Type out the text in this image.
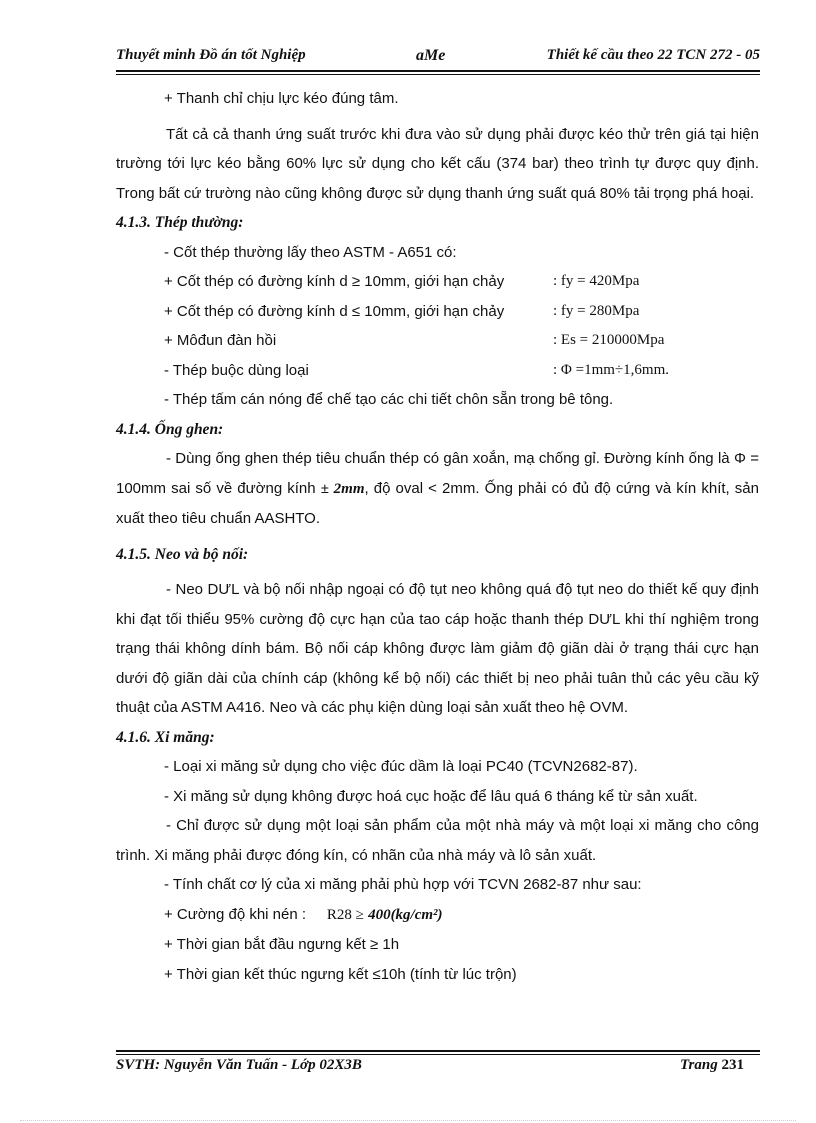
Thuyết minh Đồ án tốt Nghiệp	aMe	Thiết kế cầu theo 22 TCN 272 - 05

+ Thanh chỉ chịu lực kéo đúng tâm.

Tất cả cả thanh ứng suất trước khi đưa vào sử dụng phải được kéo thử trên giá tại hiện trường tới lực kéo bằng 60% lực sử dụng cho kết cấu (374 bar) theo trình tự được quy định. Trong bất cứ trường nào cũng không được sử dụng thanh ứng suất quá 80% tải trọng phá hoại.

4.1.3. Thép thường:

- Cốt thép thường lấy theo ASTM - A651 có:

+ Cốt thép có đường kính d ≥ 10mm, giới hạn chảy	: fy = 420Mpa
+ Cốt thép có đường kính d ≤ 10mm, giới hạn chảy	: fy = 280Mpa
+ Môđun đàn hồi	: Es = 210000Mpa
- Thép buộc dùng loại	: Φ =1mm÷1,6mm.

- Thép tấm cán nóng để chế tạo các chi tiết chôn sẵn trong bê tông.

4.1.4. Ống ghen:

- Dùng ống ghen thép tiêu chuẩn thép có gân xoắn, mạ chống gỉ. Đường kính ống là Φ = 100mm sai số về đường kính ± 2mm, độ oval < 2mm. Ống phải có đủ độ cứng và kín khít, sản xuất theo tiêu chuẩn AASHTO.

4.1.5. Neo và bộ nối:

- Neo DƯL và bộ nối nhập ngoại có độ tụt neo không quá độ tụt neo do thiết kế quy định khi đạt tối thiểu 95% cường độ cực hạn của tao cáp hoặc thanh thép DƯL khi thí nghiệm trong trạng thái không dính bám. Bộ nối cáp không được làm giảm độ giãn dài ở trạng thái cực hạn dưới độ giãn dài của chính cáp (không kể bộ nối) các thiết bị neo phải tuân thủ các yêu cầu kỹ thuật của ASTM A416. Neo và các phụ kiện dùng loại sản xuất theo hệ OVM.

4.1.6. Xi măng:

- Loại xi măng sử dụng cho việc đúc dầm là loại PC40 (TCVN2682-87).

- Xi măng sử dụng không được hoá cục hoặc để lâu quá 6 tháng kể từ sản xuất.

- Chỉ được sử dụng một loại sản phẩm của một nhà máy và một loại xi măng cho công trình. Xi măng phải được đóng kín, có nhãn của nhà máy và lô sản xuất.

- Tính chất cơ lý của xi măng phải phù hợp với TCVN 2682-87 như sau:

+ Cường độ khi nén : R28 ≥ 400(kg/cm²)

+ Thời gian bắt đầu ngưng kết ≥ 1h

+ Thời gian kết thúc ngưng kết ≤10h (tính từ lúc trộn)

SVTH: Nguyễn Văn Tuấn - Lớp 02X3B	Trang 231
